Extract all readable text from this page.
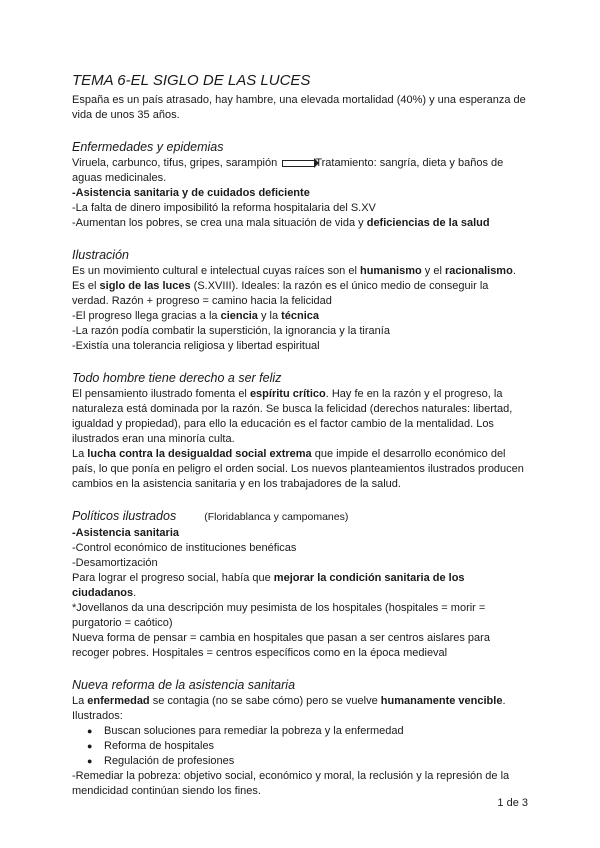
TEMA 6-EL SIGLO DE LAS LUCES

España es un país atrasado, hay hambre, una elevada mortalidad (40%) y una esperanza de vida de unos 35 años.

Enfermedades y epidemias

Viruela, carbunco, tifus, gripes, sarampión	Tratamiento: sangría, dieta y baños de aguas medicinales.

-Asistencia sanitaria y de cuidados deficiente

-La falta de dinero imposibilitó la reforma hospitalaria del S.XV

-Aumentan los pobres, se crea una mala situación de vida y deficiencias de la salud

Ilustración

Es un movimiento cultural e intelectual cuyas raíces son el humanismo y el racionalismo. Es el siglo de las luces (S.XVIII). Ideales: la razón es el único medio de conseguir la verdad. Razón + progreso = camino hacia la felicidad

-El progreso llega gracias a la ciencia y la técnica

-La razón podía combatir la superstición, la ignorancia y la tiranía

-Existía una tolerancia religiosa y libertad espiritual

Todo hombre tiene derecho a ser feliz

El pensamiento ilustrado fomenta el espíritu crítico. Hay fe en la razón y el progreso, la naturaleza está dominada por la razón. Se busca la felicidad (derechos naturales: libertad, igualdad y propiedad), para ello la educación es el factor cambio de la mentalidad. Los ilustrados eran una minoría culta.

La lucha contra la desigualdad social extrema que impide el desarrollo económico del país, lo que ponía en peligro el orden social. Los nuevos planteamientos ilustrados producen cambios en la asistencia sanitaria y en los trabajadores de la salud.

Políticos ilustrados	(Floridablanca y campomanes)

-Asistencia sanitaria

-Control económico de instituciones benéficas

-Desamortización

Para lograr el progreso social, había que mejorar la condición sanitaria de los ciudadanos.

*Jovellanos da una descripción muy pesimista de los hospitales (hospitales = morir = purgatorio = caótico)

Nueva forma de pensar = cambia en hospitales que pasan a ser centros aislares para recoger pobres. Hospitales = centros específicos como en la época medieval

Nueva reforma de la asistencia sanitaria

La enfermedad se contagia (no se sabe cómo) pero se vuelve humanamente vencible. Ilustrados:

● Buscan soluciones para remediar la pobreza y la enfermedad
● Reforma de hospitales
● Regulación de profesiones

-Remediar la pobreza: objetivo social, económico y moral, la reclusión y la represión de la mendicidad continúan siendo los fines.

1 de 3
